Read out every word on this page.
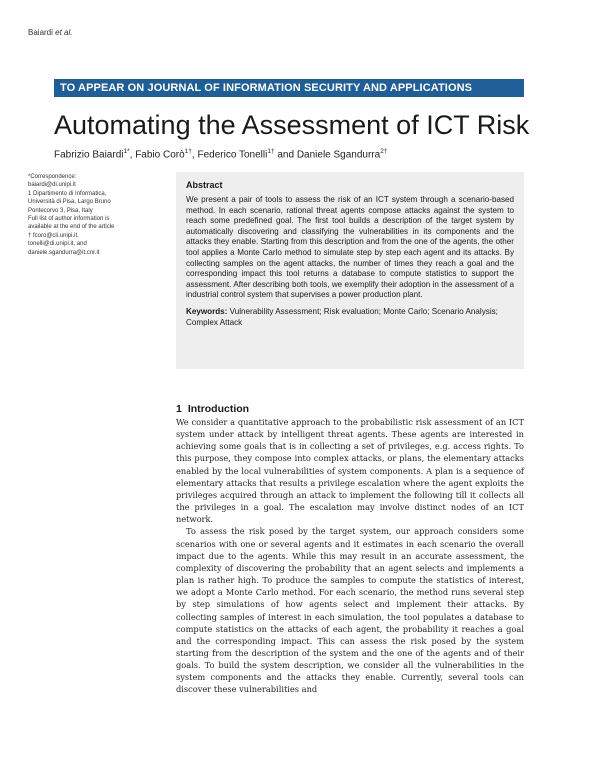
Baiardi et al.
TO APPEAR ON JOURNAL OF INFORMATION SECURITY AND APPLICATIONS
Automating the Assessment of ICT Risk
Fabrizio Baiardi$^{1*}$, Fabio Corò$^{1\dagger}$, Federico Tonelli$^{1\dagger}$ and Daniele Sgandurra$^{2\dagger}$

*Correspondence:

baiardi@di.unipi.it

1 Dipartimento di Informatica,

Università di Pisa, Largo Bruno

Pontecorvo 3, Pisa, Italy

Full list of author information is

available at the end of the article

† fcoro@cli.unipi.it,

tonelli@di.unipi.it, and

daniele.sgandurra@it.cnr.it

Abstract

We present a pair of tools to assess the risk of an ICT system through a scenario-based method. In each scenario, rational threat agents compose attacks against the system to reach some predefined goal. The first tool builds a description of the target system by automatically discovering and classifying the vulnerabilities in its components and the attacks they enable. Starting from this description and from the one of the agents, the other tool applies a Monte Carlo method to simulate step by step each agent and its attacks. By collecting samples on the agent attacks, the number of times they reach a goal and the corresponding impact this tool returns a database to compute statistics to support the assessment. After describing both tools, we exemplify their adoption in the assessment of a industrial control system that supervises a power production plant.

Keywords: Vulnerability Assessment; Risk evaluation; Monte Carlo; Scenario Analysis; Complex Attack

1 Introduction

We consider a quantitative approach to the probabilistic risk assessment of an ICT system under attack by intelligent threat agents. These agents are interested in achieving some goals that is in collecting a set of privileges, e.g. access rights. To this purpose, they compose into complex attacks, or plans, the elementary attacks enabled by the local vulnerabilities of system components. A plan is a sequence of elementary attacks that results a privilege escalation where the agent exploits the privileges acquired through an attack to implement the following till it collects all the privileges in a goal. The escalation may involve distinct nodes of an ICT network.

To assess the risk posed by the target system, our approach considers some scenarios with one or several agents and it estimates in each scenario the overall impact due to the agents. While this may result in an accurate assessment, the complexity of discovering the probability that an agent selects and implements a plan is rather high. To produce the samples to compute the statistics of interest, we adopt a Monte Carlo method. For each scenario, the method runs several step by step simulations of how agents select and implement their attacks. By collecting samples of interest in each simulation, the tool populates a database to compute statistics on the attacks of each agent, the probability it reaches a goal and the corresponding impact. This can assess the risk posed by the system starting from the description of the system and the one of the agents and of their goals. To build the system description, we consider all the vulnerabilities in the system components and the attacks they enable. Currently, several tools can discover these vulnerabilities and
